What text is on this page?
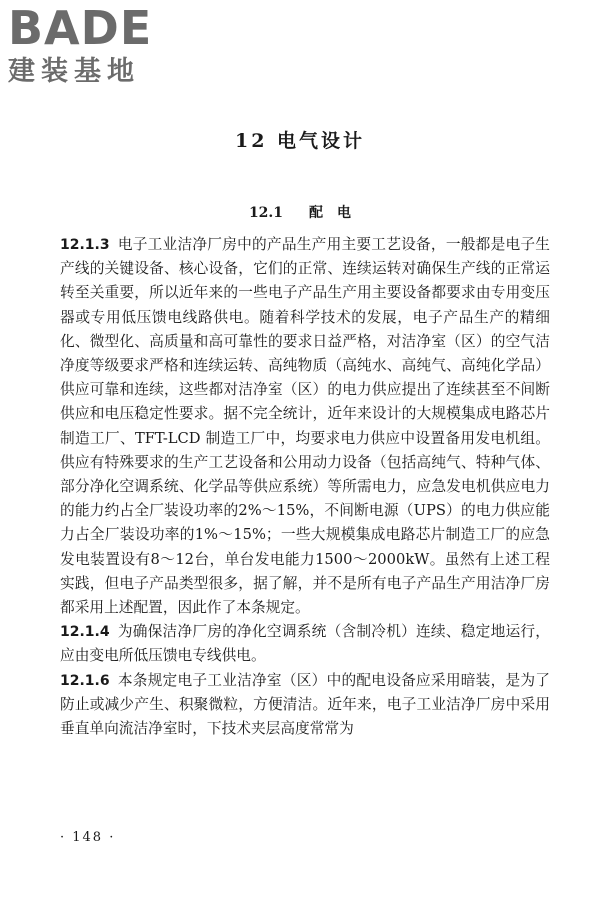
BADE
建装基地
12 电气设计
12.1 配　电

12.1.3 电子工业洁净厂房中的产品生产用主要工艺设备，一般都是电子生产线的关键设备、核心设备，它们的正常、连续运转对确保生产线的正常运转至关重要，所以近年来的一些电子产品生产用主要设备都要求由专用变压器或专用低压馈电线路供电。随着科学技术的发展，电子产品生产的精细化、微型化、高质量和高可靠性的要求日益严格，对洁净室（区）的空气洁净度等级要求严格和连续运转、高纯物质（高纯水、高纯气、高纯化学品）供应可靠和连续，这些都对洁净室（区）的电力供应提出了连续甚至不间断供应和电压稳定性要求。据不完全统计，近年来设计的大规模集成电路芯片制造工厂、TFT-LCD 制造工厂中，均要求电力供应中设置备用发电机组。供应有特殊要求的生产工艺设备和公用动力设备（包括高纯气、特种气体、部分净化空调系统、化学品等供应系统）等所需电力，应急发电机供应电力的能力约占全厂装设功率的2%～15%，不间断电源（UPS）的电力供应能力占全厂装设功率的1%～15%；一些大规模集成电路芯片制造工厂的应急发电装置设有8～12台，单台发电能力1500～2000kW。虽然有上述工程实践，但电子产品类型很多，据了解，并不是所有电子产品生产用洁净厂房都采用上述配置，因此作了本条规定。

12.1.4 为确保洁净厂房的净化空调系统（含制冷机）连续、稳定地运行，应由变电所低压馈电专线供电。

12.1.6 本条规定电子工业洁净室（区）中的配电设备应采用暗装，是为了防止或减少产生、积聚微粒，方便清洁。近年来，电子工业洁净厂房中采用垂直单向流洁净室时，下技术夹层高度常常为

· 148 ·
